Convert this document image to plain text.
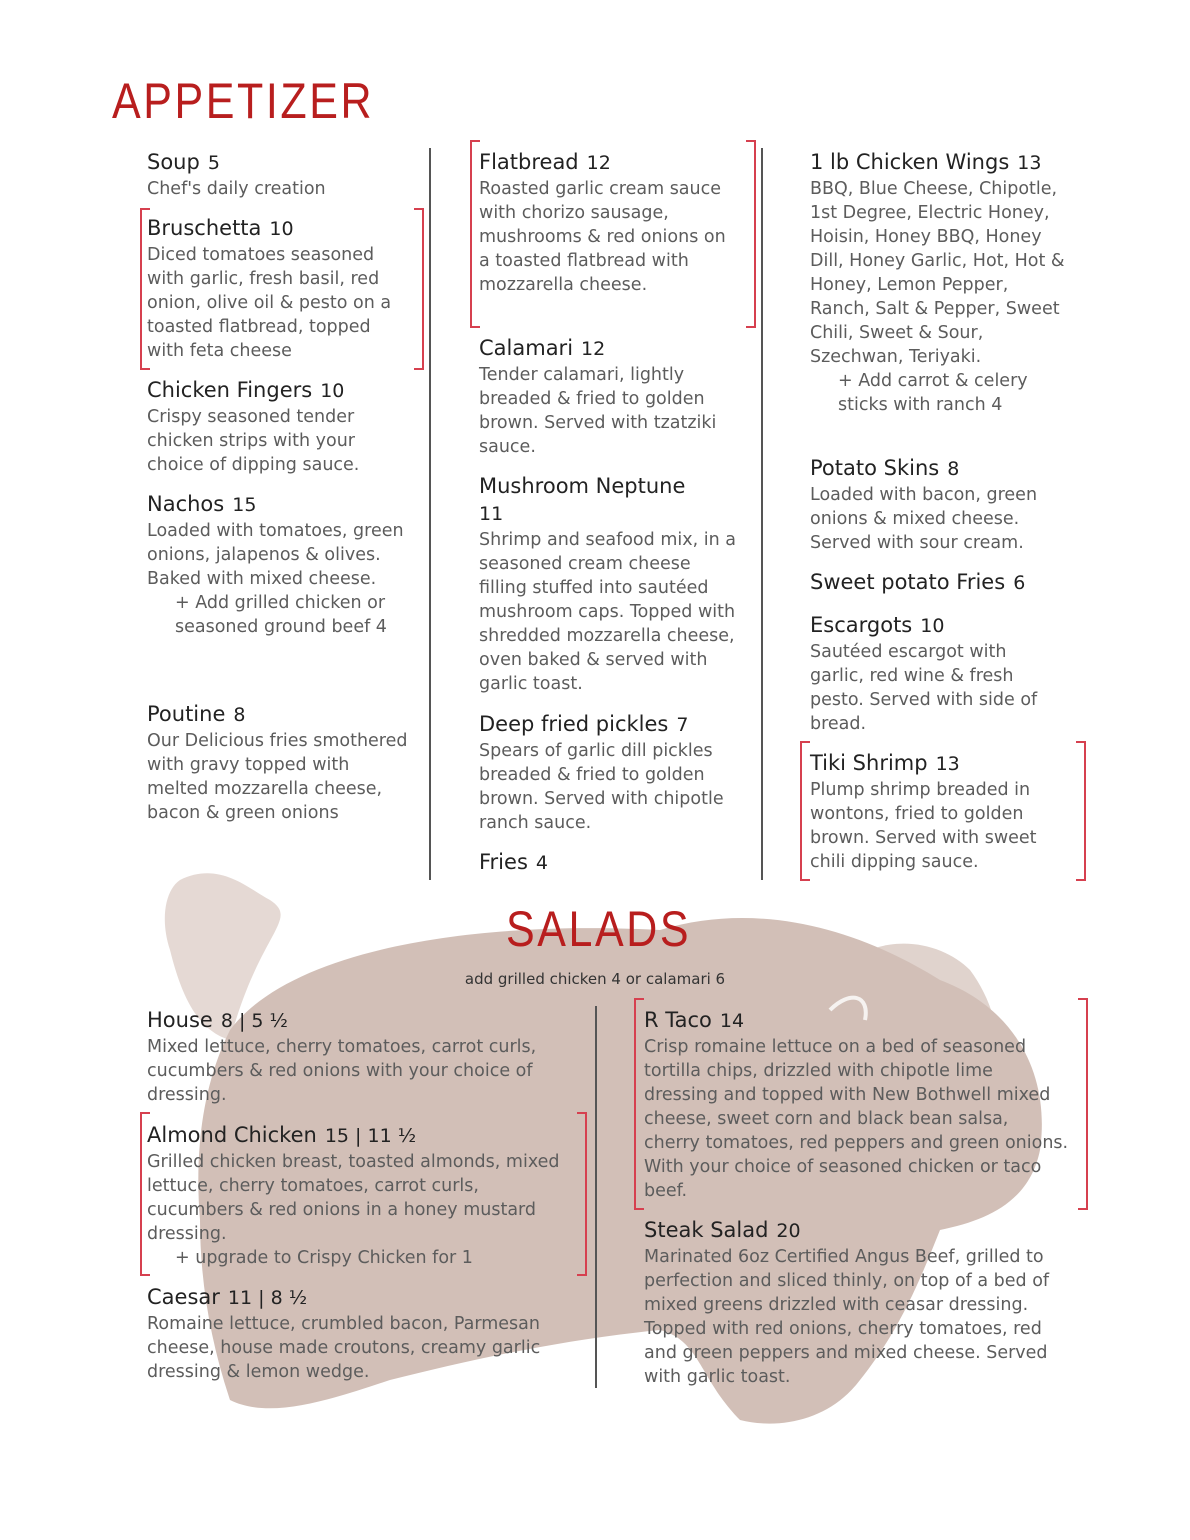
APPETIZER
Soup 5
Chef's daily creation
Bruschetta 10
Diced tomatoes seasoned with garlic, fresh basil, red onion, olive oil & pesto on a toasted flatbread, topped with feta cheese
Chicken Fingers 10
Crispy seasoned tender chicken strips with your choice of dipping sauce.
Nachos 15
Loaded with tomatoes, green onions, jalapenos & olives. Baked with mixed cheese.
+ Add grilled chicken or seasoned ground beef 4
Poutine 8
Our Delicious fries smothered with gravy topped with melted mozzarella cheese, bacon & green onions
Flatbread 12
Roasted garlic cream sauce with chorizo sausage, mushrooms & red onions on a toasted flatbread with mozzarella cheese.
Calamari 12
Tender calamari, lightly breaded & fried to golden brown. Served with tzatziki sauce.
Mushroom Neptune
11
Shrimp and seafood mix, in a seasoned cream cheese filling stuffed into sautéed mushroom caps. Topped with shredded mozzarella cheese, oven baked & served with garlic toast.
Deep fried pickles 7
Spears of garlic dill pickles breaded & fried to golden brown. Served with chipotle ranch sauce.
Fries 4
1 lb Chicken Wings 13
BBQ, Blue Cheese, Chipotle, 1st Degree, Electric Honey, Hoisin, Honey BBQ, Honey Dill, Honey Garlic, Hot, Hot & Honey, Lemon Pepper, Ranch, Salt & Pepper, Sweet Chili, Sweet & Sour, Szechwan, Teriyaki.
+ Add carrot & celery sticks with ranch 4
Potato Skins 8
Loaded with bacon, green onions & mixed cheese. Served with sour cream.
Sweet potato Fries 6
Escargots 10
Sautéed escargot with garlic, red wine & fresh pesto. Served with side of bread.
Tiki Shrimp 13
Plump shrimp breaded in wontons, fried to golden brown. Served with sweet chili dipping sauce.
SALADS
add grilled chicken 4 or calamari 6
House 8 | 5 ½
Mixed lettuce, cherry tomatoes, carrot curls, cucumbers & red onions with your choice of dressing.
Almond Chicken 15 | 11 ½
Grilled chicken breast, toasted almonds, mixed lettuce, cherry tomatoes, carrot curls, cucumbers & red onions in a honey mustard dressing.
+ upgrade to Crispy Chicken for 1
Caesar 11 | 8 ½
Romaine lettuce, crumbled bacon, Parmesan cheese, house made croutons, creamy garlic dressing & lemon wedge.
R Taco 14
Crisp romaine lettuce on a bed of seasoned tortilla chips, drizzled with chipotle lime dressing and topped with New Bothwell mixed cheese, sweet corn and black bean salsa, cherry tomatoes, red peppers and green onions. With your choice of seasoned chicken or taco beef.
Steak Salad 20
Marinated 6oz Certified Angus Beef, grilled to perfection and sliced thinly, on top of a bed of mixed greens drizzled with ceasar dressing. Topped with red onions, cherry tomatoes, red and green peppers and mixed cheese. Served with garlic toast.
